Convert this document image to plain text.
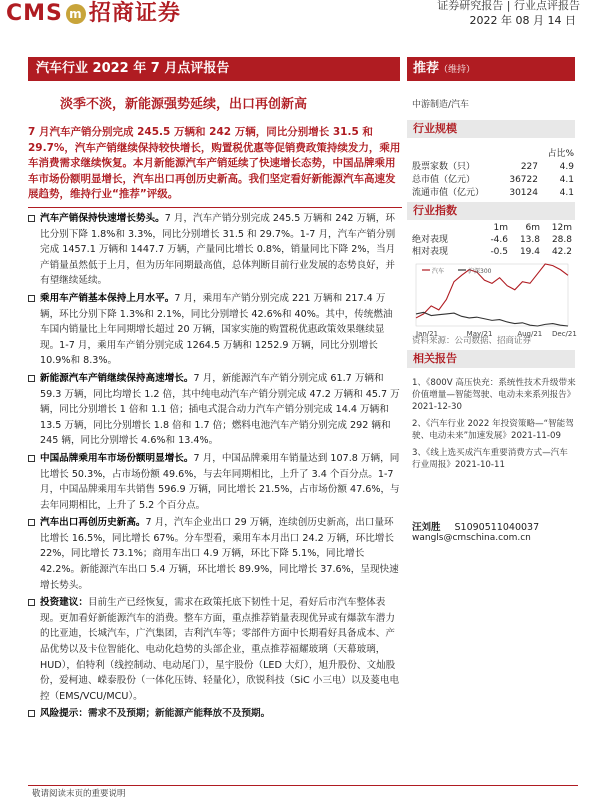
CMS m 招商证券	证券研究报告 | 行业点评报告
2022 年 08 月 14 日
汽车行业 2022 年 7 月点评报告	推荐（维持）
淡季不淡，新能源强势延续，出口再创新高	中游制造/汽车
7 月汽车产销分别完成 245.5 万辆和 242 万辆，同比分别增长 31.5 和 29.7%，汽车产销继续保持较快增长，购置税优惠等促销费政策持续发力，乘用车消费需求继续恢复。本月新能源汽车产销延续了快速增长态势，中国品牌乘用车市场份额明显增长，汽车出口再创历史新高。我们坚定看好新能源汽车高速发展趋势，维持行业“推荐”评级。
汽车产销保持快速增长势头。7 月，汽车产销分别完成 245.5 万辆和 242 万辆，环比分别下降 1.8%和 3.3%，同比分别增长 31.5 和 29.7%。1-7 月，汽车产销分别完成 1457.1 万辆和 1447.7 万辆，产量同比增长 0.8%，销量同比下降 2%，当月产销量虽然低于上月，但为历年同期最高值，总体判断目前行业发展的态势良好，并有望继续延续。
乘用车产销基本保持上月水平。7 月，乘用车产销分别完成 221 万辆和 217.4 万辆，环比分别下降 1.3%和 2.1%，同比分别增长 42.6%和 40%。其中，传统燃油车国内销量比上年同期增长超过 20 万辆，国家实施的购置税优惠政策效果继续显现。1-7 月，乘用车产销分别完成 1264.5 万辆和 1252.9 万辆，同比分别增长 10.9%和 8.3%。
新能源汽车产销继续保持高速增长。7 月，新能源汽车产销分别完成 61.7 万辆和 59.3 万辆，同比均增长 1.2 倍，其中纯电动汽车产销分别完成 47.2 万辆和 45.7 万辆，同比分别增长 1 倍和 1.1 倍；插电式混合动力汽车产销分别完成 14.4 万辆和 13.5 万辆，同比分别增长 1.8 倍和 1.7 倍；燃料电池汽车产销分别完成 292 辆和 245 辆，同比分别增长 4.6%和 13.4%。
中国品牌乘用车市场份额明显增长。7 月，中国品牌乘用车销量达到 107.8 万辆，同比增长 50.3%，占市场份额 49.6%，与去年同期相比，上升了 3.4 个百分点。1-7 月，中国品牌乘用车共销售 596.9 万辆，同比增长 21.5%，占市场份额 47.6%，与去年同期相比，上升了 5.2 个百分点。
汽车出口再创历史新高。7 月，汽车企业出口 29 万辆，连续创历史新高，出口量环比增长 16.5%，同比增长 67%。分车型看，乘用车本月出口 24.2 万辆，环比增长 22%，同比增长 73.1%；商用车出口 4.9 万辆，环比下降 5.1%，同比增长 42.2%。新能源汽车出口 5.4 万辆，环比增长 89.9%，同比增长 37.6%，呈现快速增长势头。
投资建议：目前生产已经恢复，需求在政策托底下韧性十足，看好后市汽车整体表现。更加看好新能源汽车的消费。整车方面，重点推荐销量表现优异或有爆款车潜力的比亚迪，长城汽车，广汽集团，吉利汽车等；零部件方面中长期看好具备成本、产品优势以及卡位智能化、电动化趋势的头部企业，重点推荐福耀玻璃（天幕玻璃，HUD），伯特利（线控制动、电动尾门），星宇股份（LED 大灯），旭升股份、文灿股份，爱柯迪、嵘泰股份（一体化压铸、轻量化），欣锐科技（SiC 小三电）以及菱电电控（EMS/VCU/MCU）。
风险提示：需求不及预期；新能源产能释放不及预期。
行业规模
占比%
股票家数（只）	227	4.9
总市值（亿元）	36722	4.1
流通市值（亿元）	30124	4.1
行业指数
1m	6m	12m
绝对表现	-4.6	13.8	28.8
相对表现	-0.5	19.4	42.2
汽车	沪深300
Jan/21	May/21	Aug/21 Dec/21
资料来源：公司数据、招商证券
相关报告
1、《800V 高压快充：系统性技术升级带来价值增量—智能驾驶、电动未来系列报告》2021-12-30
2、《汽车行业 2022 年投资策略—“智能驾驶、电动未来”加速发展》2021-11-09
3、《线上选买成汽车重要消费方式—汽车行业周报》2021-10-11
汪刘胜 S1090511040037
wangls@cmschina.com.cn
敬请阅读末页的重要说明
